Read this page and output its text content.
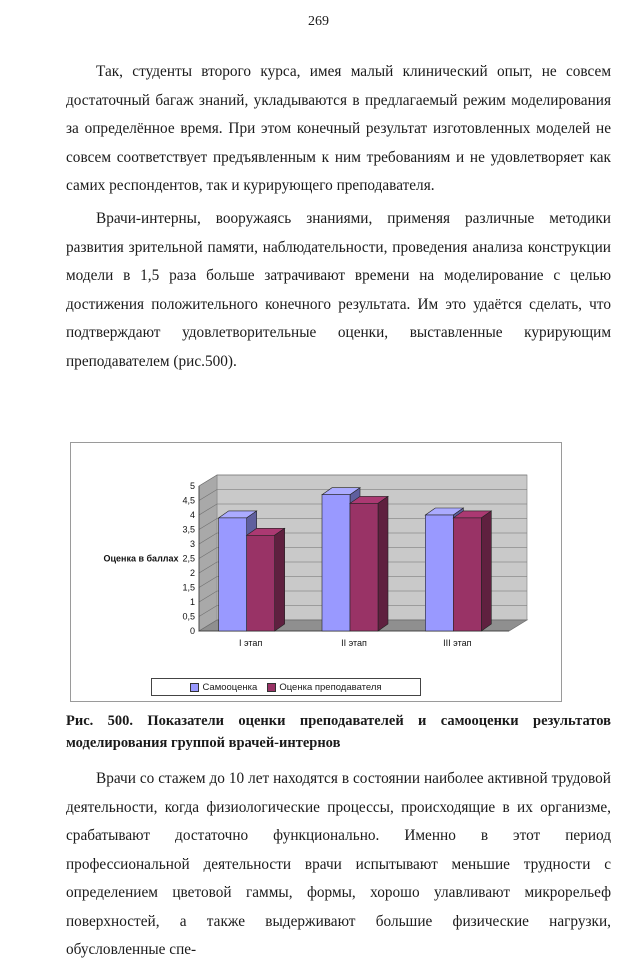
269

Так, студенты второго курса, имея малый клинический опыт, не совсем достаточный багаж знаний, укладываются в предлагаемый режим моделирования за определённое время. При этом конечный результат изготовленных моделей не совсем соответствует предъявленным к ним требованиям и не удовлетворяет как самих респондентов, так и курирующего преподавателя.

Врачи-интерны, вооружаясь знаниями, применяя различные методики развития зрительной памяти, наблюдательности, проведения анализа конструкции модели в 1,5 раза больше затрачивают времени на моделирование с целью достижения положительного конечного результата. Им это удаётся сделать, что подтверждают удовлетворительные оценки, выставленные курирующим преподавателем (рис.500).

0
0,5
1
1,5
2
2,5
3
3,5
4
4,5
5
Оценка в баллах
I этап	II этап	III этап
Самооценка Оценка преподавателя

Рис. 500. Показатели оценки преподавателей и самооценки результатов моделирования группой врачей-интернов

Врачи со стажем до 10 лет находятся в состоянии наиболее активной трудовой деятельности, когда физиологические процессы, происходящие в их организме, срабатывают достаточно функционально. Именно в этот период профессиональной деятельности врачи испытывают меньшие трудности с определением цветовой гаммы, формы, хорошо улавливают микрорельеф поверхностей, а также выдерживают большие физические нагрузки, обусловленные спе-
